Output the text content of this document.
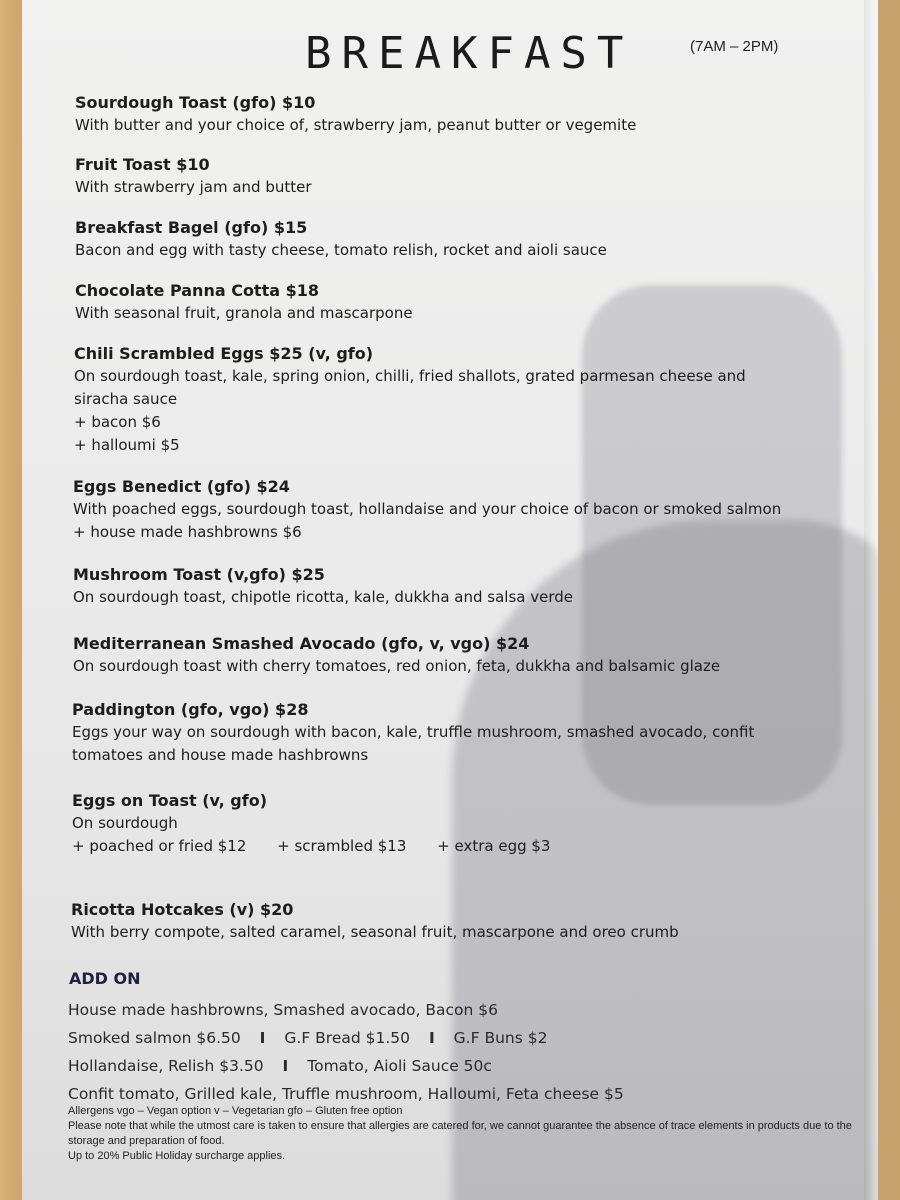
BREAKFAST	(7AM – 2PM)

Sourdough Toast (gfo) $10

With butter and your choice of, strawberry jam, peanut butter or vegemite

Fruit Toast $10

With strawberry jam and butter

Breakfast Bagel (gfo) $15

Bacon and egg with tasty cheese, tomato relish, rocket and aioli sauce

Chocolate Panna Cotta $18

With seasonal fruit, granola and mascarpone

Chili Scrambled Eggs $25 (v, gfo)

On sourdough toast, kale, spring onion, chilli, fried shallots, grated parmesan cheese and

siracha sauce

+ bacon $6

+ halloumi $5

Eggs Benedict (gfo) $24

With poached eggs, sourdough toast, hollandaise and your choice of bacon or smoked salmon

+ house made hashbrowns $6

Mushroom Toast (v,gfo) $25

On sourdough toast, chipotle ricotta, kale, dukkha and salsa verde

Mediterranean Smashed Avocado (gfo, v, vgo) $24

On sourdough toast with cherry tomatoes, red onion, feta, dukkha and balsamic glaze

Paddington (gfo, vgo) $28

Eggs your way on sourdough with bacon, kale, truffle mushroom, smashed avocado, confit

tomatoes and house made hashbrowns

Eggs on Toast (v, gfo)

On sourdough

+ poached or fried $12 + scrambled $13 + extra egg $3

Ricotta Hotcakes (v) $20

With berry compote, salted caramel, seasonal fruit, mascarpone and oreo crumb

ADD ON
House made hashbrowns, Smashed avocado, Bacon $6
Smoked salmon $6.50 I G.F Bread $1.50 I G.F Buns $2
Hollandaise, Relish $3.50 I Tomato, Aioli Sauce 50c
Confit tomato, Grilled kale, Truffle mushroom, Halloumi, Feta cheese $5

Allergens vgo – Vegan option v – Vegetarian gfo – Gluten free option

Please note that while the utmost care is taken to ensure that allergies are catered for, we cannot guarantee the absence of trace elements in products due to the storage and preparation of food.

Up to 20% Public Holiday surcharge applies.
